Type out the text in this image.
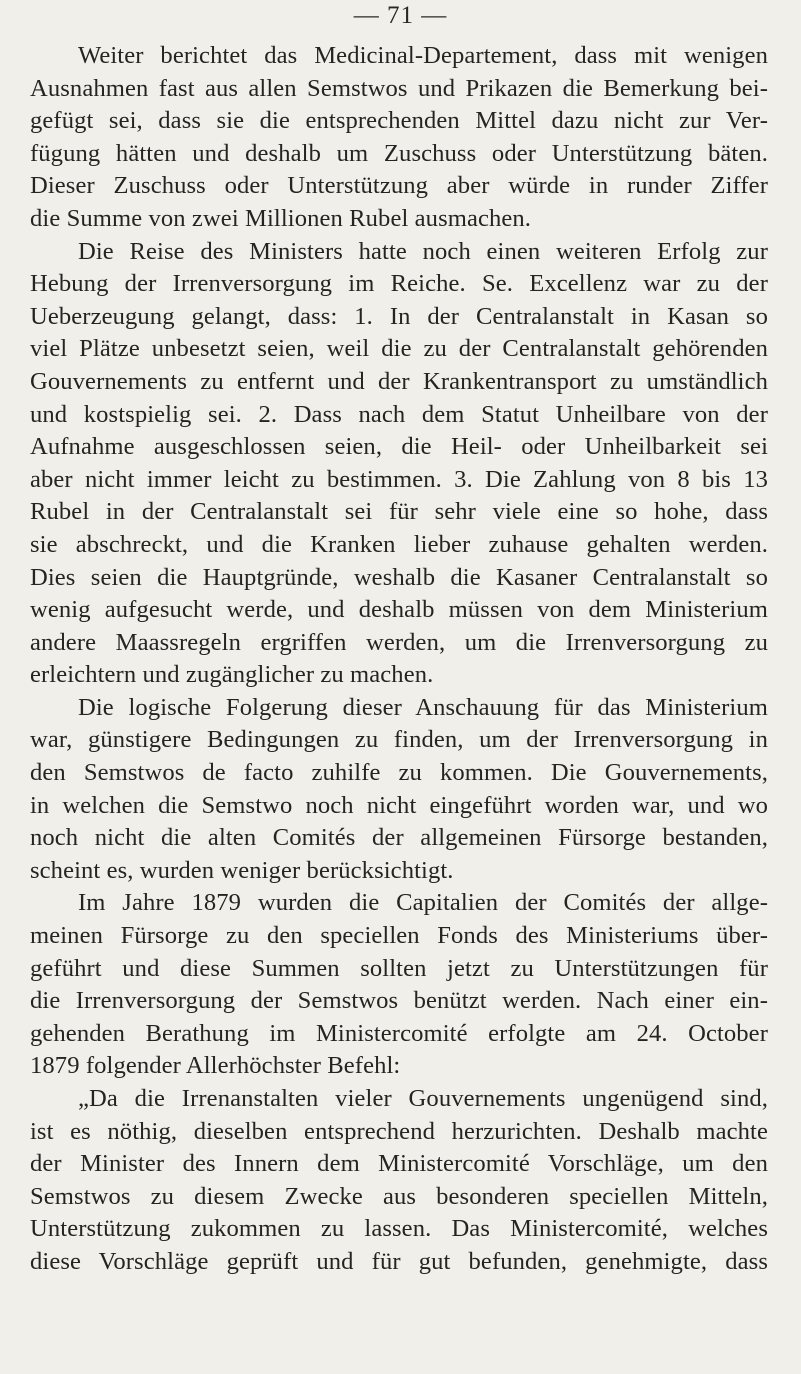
— 71 —
Weiter berichtet das Medicinal-Departement, dass mit wenigen
Ausnahmen fast aus allen Semstwos und Prikazen die Bemerkung bei-
gefügt sei, dass sie die entsprechenden Mittel dazu nicht zur Ver-
fügung hätten und deshalb um Zuschuss oder Unterstützung bäten.
Dieser Zuschuss oder Unterstützung aber würde in runder Ziffer
die Summe von zwei Millionen Rubel ausmachen.
Die Reise des Ministers hatte noch einen weiteren Erfolg zur
Hebung der Irrenversorgung im Reiche. Se. Excellenz war zu der
Ueberzeugung gelangt, dass: 1. In der Centralanstalt in Kasan so
viel Plätze unbesetzt seien, weil die zu der Centralanstalt gehörenden
Gouvernements zu entfernt und der Krankentransport zu umständlich
und kostspielig sei. 2. Dass nach dem Statut Unheilbare von der
Aufnahme ausgeschlossen seien, die Heil- oder Unheilbarkeit sei
aber nicht immer leicht zu bestimmen. 3. Die Zahlung von 8 bis 13
Rubel in der Centralanstalt sei für sehr viele eine so hohe, dass
sie abschreckt, und die Kranken lieber zuhause gehalten werden.
Dies seien die Hauptgründe, weshalb die Kasaner Centralanstalt so
wenig aufgesucht werde, und deshalb müssen von dem Ministerium
andere Maassregeln ergriffen werden, um die Irrenversorgung zu
erleichtern und zugänglicher zu machen.
Die logische Folgerung dieser Anschauung für das Ministerium
war, günstigere Bedingungen zu finden, um der Irrenversorgung in
den Semstwos de facto zuhilfe zu kommen. Die Gouvernements,
in welchen die Semstwo noch nicht eingeführt worden war, und wo
noch nicht die alten Comités der allgemeinen Fürsorge bestanden,
scheint es, wurden weniger berücksichtigt.
Im Jahre 1879 wurden die Capitalien der Comités der allge-
meinen Fürsorge zu den speciellen Fonds des Ministeriums über-
geführt und diese Summen sollten jetzt zu Unterstützungen für
die Irrenversorgung der Semstwos benützt werden. Nach einer ein-
gehenden Berathung im Ministercomité erfolgte am 24. October
1879 folgender Allerhöchster Befehl:
„Da die Irrenanstalten vieler Gouvernements ungenügend sind,
ist es nöthig, dieselben entsprechend herzurichten. Deshalb machte
der Minister des Innern dem Ministercomité Vorschläge, um den
Semstwos zu diesem Zwecke aus besonderen speciellen Mitteln,
Unterstützung zukommen zu lassen. Das Ministercomité, welches
diese Vorschläge geprüft und für gut befunden, genehmigte, dass
